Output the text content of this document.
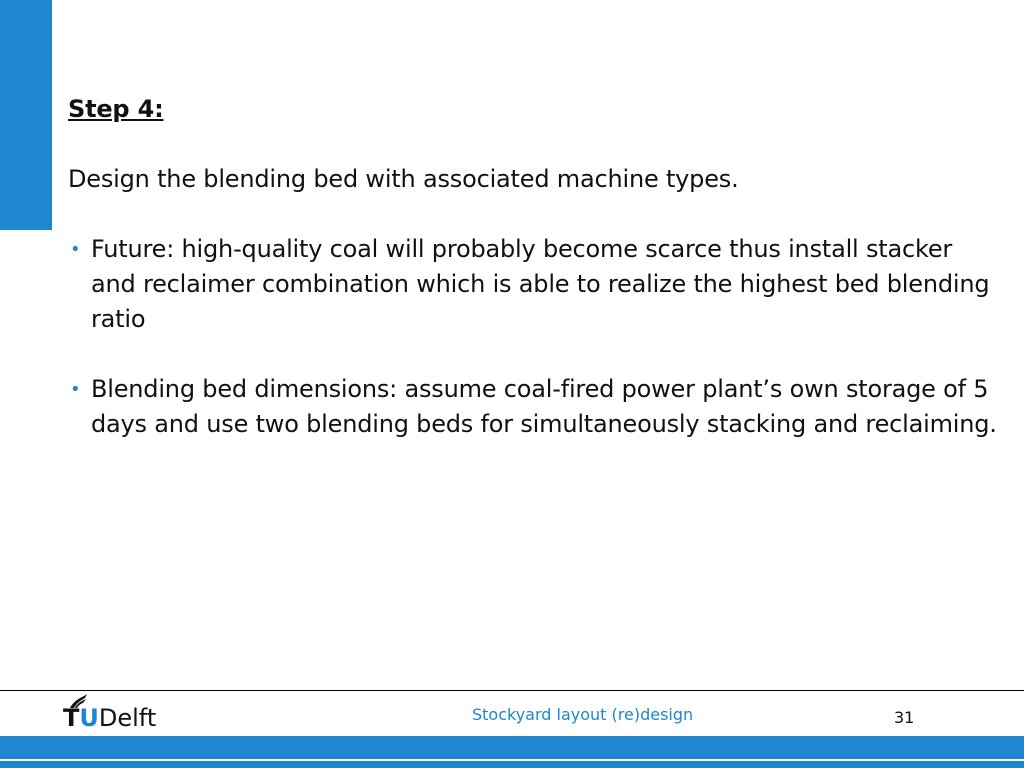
Step 4:
Design the blending bed with associated machine types.
• Future: high-quality coal will probably become scarce thus install stacker and reclaimer combination which is able to realize the highest bed blending ratio
• Blending bed dimensions: assume coal-fired power plant’s own storage of 5 days and use two blending beds for simultaneously stacking and reclaiming.
TUDelft	Stockyard layout (re)design	31
